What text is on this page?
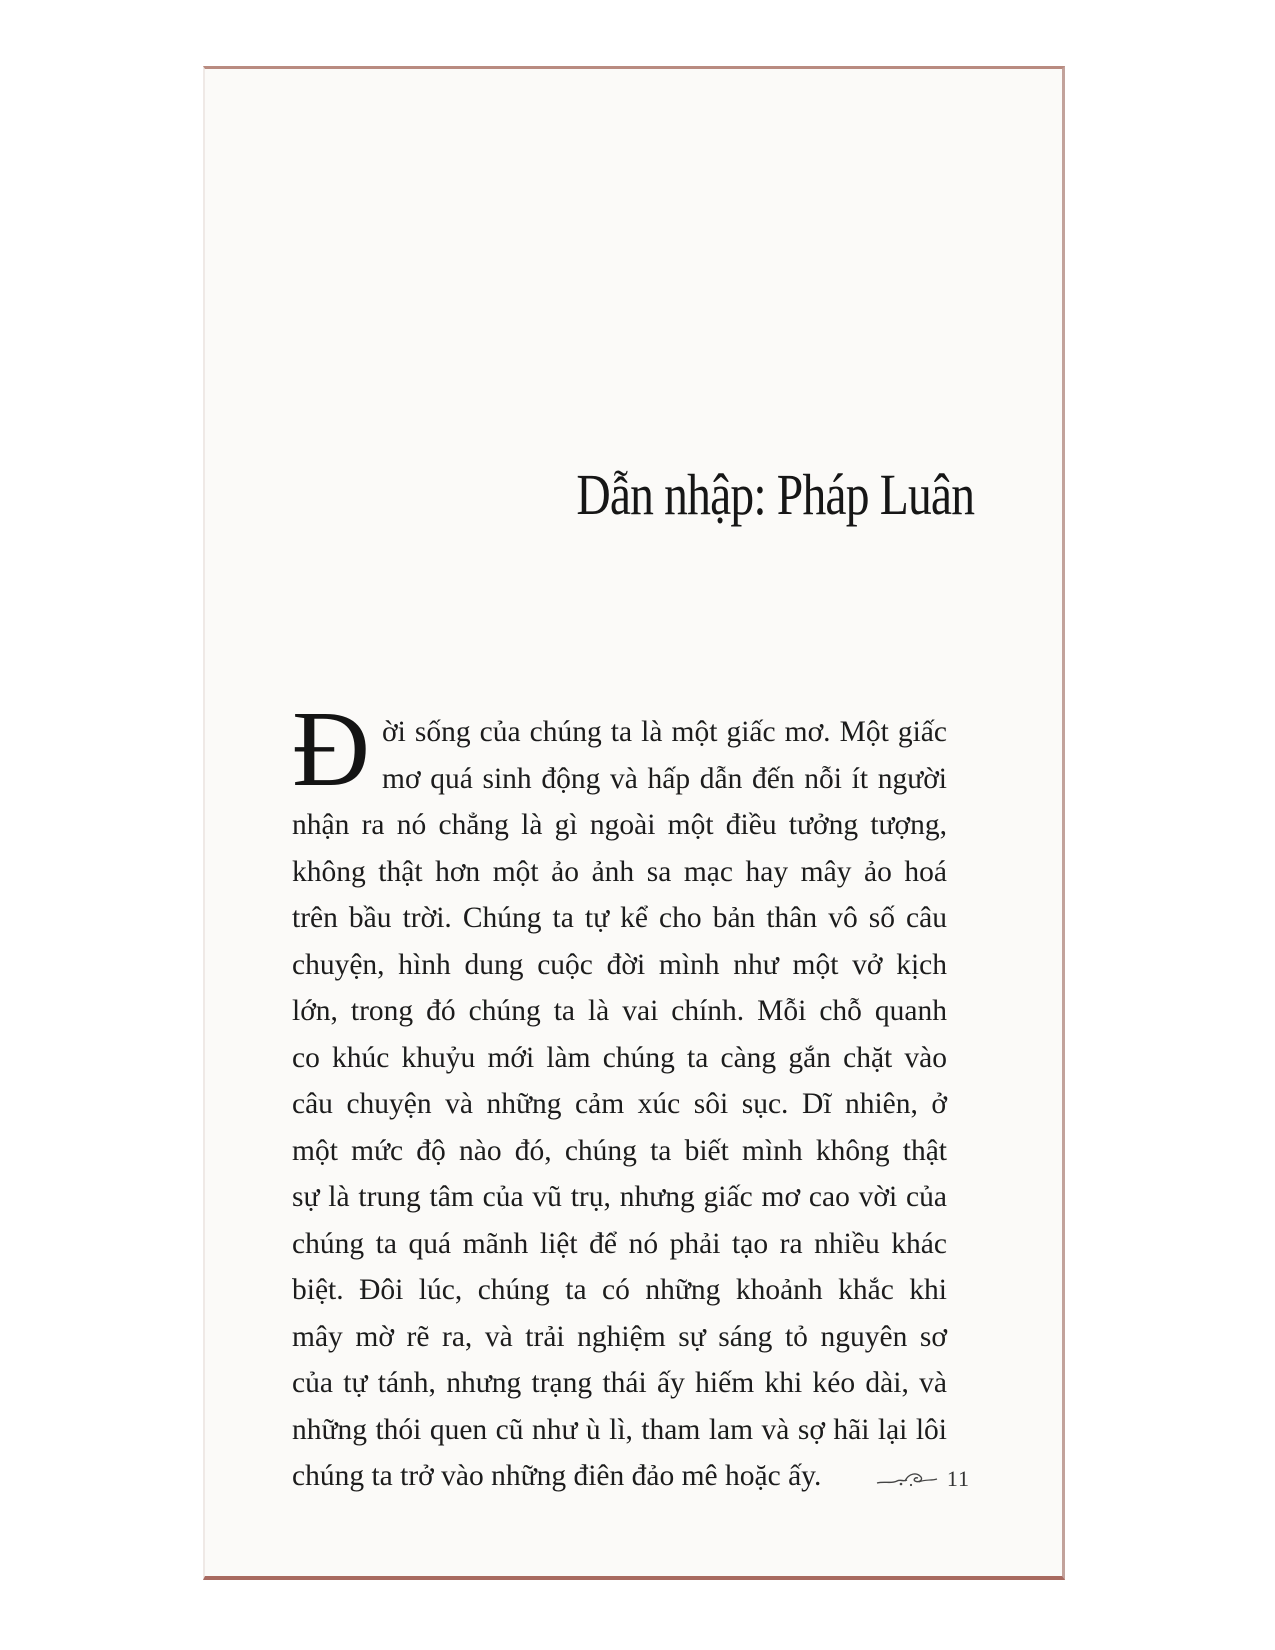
Dẫn nhập: Pháp Luân
Đ ời sống của chúng ta là một giấc mơ. Một giấc
mơ quá sinh động và hấp dẫn đến nỗi ít người
nhận ra nó chẳng là gì ngoài một điều tưởng tượng,
không thật hơn một ảo ảnh sa mạc hay mây ảo hoá
trên bầu trời. Chúng ta tự kể cho bản thân vô số câu
chuyện, hình dung cuộc đời mình như một vở kịch
lớn, trong đó chúng ta là vai chính. Mỗi chỗ quanh
co khúc khuỷu mới làm chúng ta càng gắn chặt vào
câu chuyện và những cảm xúc sôi sục. Dĩ nhiên, ở
một mức độ nào đó, chúng ta biết mình không thật
sự là trung tâm của vũ trụ, nhưng giấc mơ cao vời của
chúng ta quá mãnh liệt để nó phải tạo ra nhiều khác
biệt. Đôi lúc, chúng ta có những khoảnh khắc khi
mây mờ rẽ ra, và trải nghiệm sự sáng tỏ nguyên sơ
của tự tánh, nhưng trạng thái ấy hiếm khi kéo dài, và
những thói quen cũ như ù lì, tham lam và sợ hãi lại lôi
chúng ta trở vào những điên đảo mê hoặc ấy.	11
